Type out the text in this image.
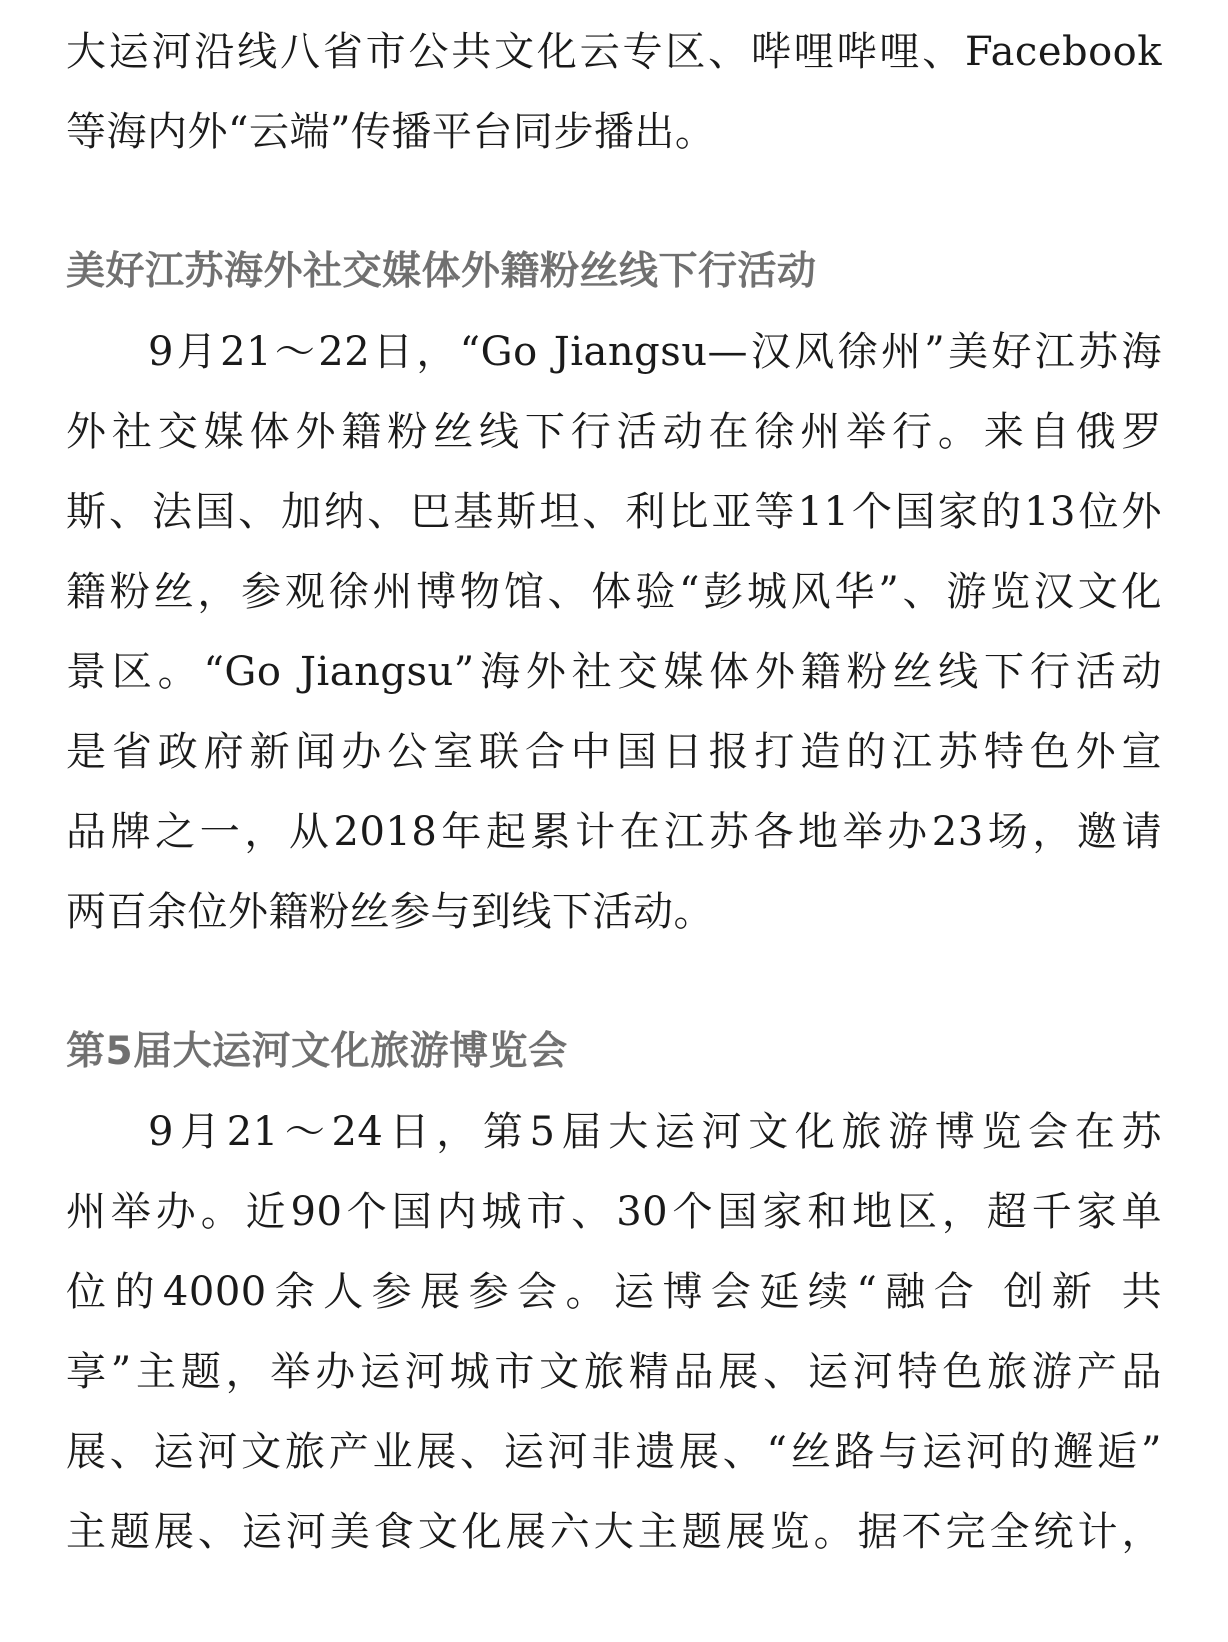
大运河沿线八省市公共文化云专区、哔哩哔哩、Facebook
等海内外“云端”传播平台同步播出。
美好江苏海外社交媒体外籍粉丝线下行活动
9月21～22日，“Go Jiangsu—汉风徐州”美好江苏海
外社交媒体外籍粉丝线下行活动在徐州举行。来自俄罗
斯、法国、加纳、巴基斯坦、利比亚等11个国家的13位外
籍粉丝，参观徐州博物馆、体验“彭城风华”、游览汉文化
景区。“Go Jiangsu”海外社交媒体外籍粉丝线下行活动
是省政府新闻办公室联合中国日报打造的江苏特色外宣
品牌之一，从2018年起累计在江苏各地举办23场，邀请
两百余位外籍粉丝参与到线下活动。
第5届大运河文化旅游博览会
9月21～24日，第5届大运河文化旅游博览会在苏
州举办。近90个国内城市、30个国家和地区，超千家单
位的4000余人参展参会。运博会延续“融合 创新 共
享”主题，举办运河城市文旅精品展、运河特色旅游产品
展、运河文旅产业展、运河非遗展、“丝路与运河的邂逅”
主题展、运河美食文化展六大主题展览。据不完全统计，
